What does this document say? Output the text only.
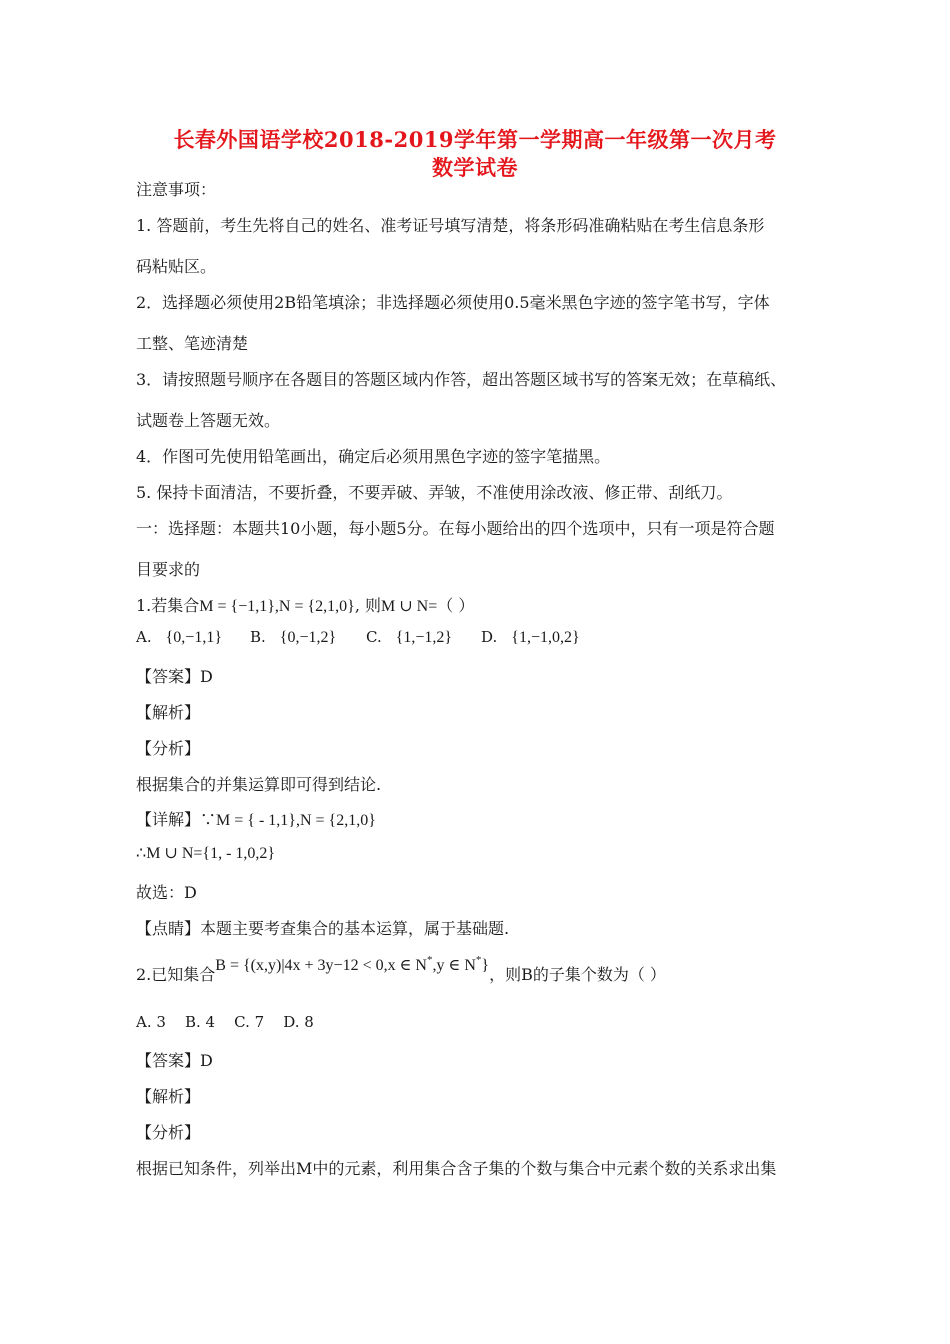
长春外国语学校2018-2019学年第一学期高一年级第一次月考
数学试卷
注意事项：
1. 答题前，考生先将自己的姓名、准考证号填写清楚，将条形码准确粘贴在考生信息条形
码粘贴区。
2．选择题必须使用2B铅笔填涂；非选择题必须使用0.5毫米黑色字迹的签字笔书写，字体
工整、笔迹清楚
3．请按照题号顺序在各题目的答题区域内作答，超出答题区域书写的答案无效；在草稿纸、
试题卷上答题无效。
4．作图可先使用铅笔画出，确定后必须用黑色字迹的签字笔描黑。
5. 保持卡面清洁，不要折叠，不要弄破、弄皱，不准使用涂改液、修正带、刮纸刀。
一：选择题：本题共10小题，每小题5分。在每小题给出的四个选项中，只有一项是符合题
目要求的
1.若集合M = {−1,1},N = {2,1,0}, 则M ∪ N=（ ）
A. {0,−1,1} B. {0,−1,2} C. {1,−1,2} D. {1,−1,0,2}
【答案】D
【解析】
【分析】
根据集合的并集运算即可得到结论.
【详解】∵M = { - 1,1},N = {2,1,0}
∴M ∪ N={1, - 1,0,2}
故选：D
【点睛】本题主要考查集合的基本运算，属于基础题.
2.已知集合B = {(x,y)|4x + 3y−12 < 0,x ∈ N*,y ∈ N*}，则B的子集个数为（ ）
A. 3    B. 4    C. 7    D. 8
【答案】D
【解析】
【分析】
根据已知条件，列举出M中的元素，利用集合含子集的个数与集合中元素个数的关系求出集
